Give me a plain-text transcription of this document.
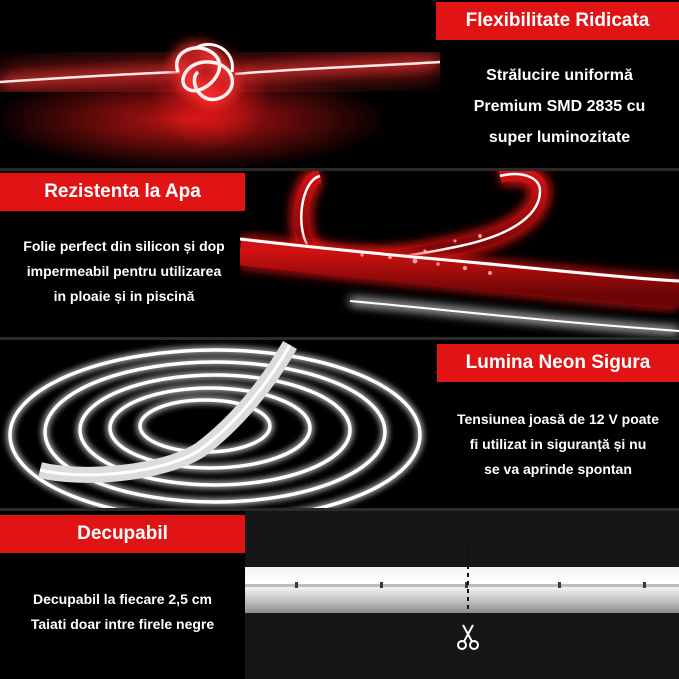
Flexibilitate Ridicata
Strălucire uniformă
Premium SMD 2835 cu
super luminozitate
Rezistenta la Apa
Folie perfect din silicon și dop
impermeabil pentru utilizarea
in ploaie și in piscină
Lumina Neon Sigura
Tensiunea joasă de 12 V poate
fi utilizat in siguranță și nu
se va aprinde spontan
Decupabil
Decupabil la fiecare 2,5 cm
Taiati doar intre firele negre
